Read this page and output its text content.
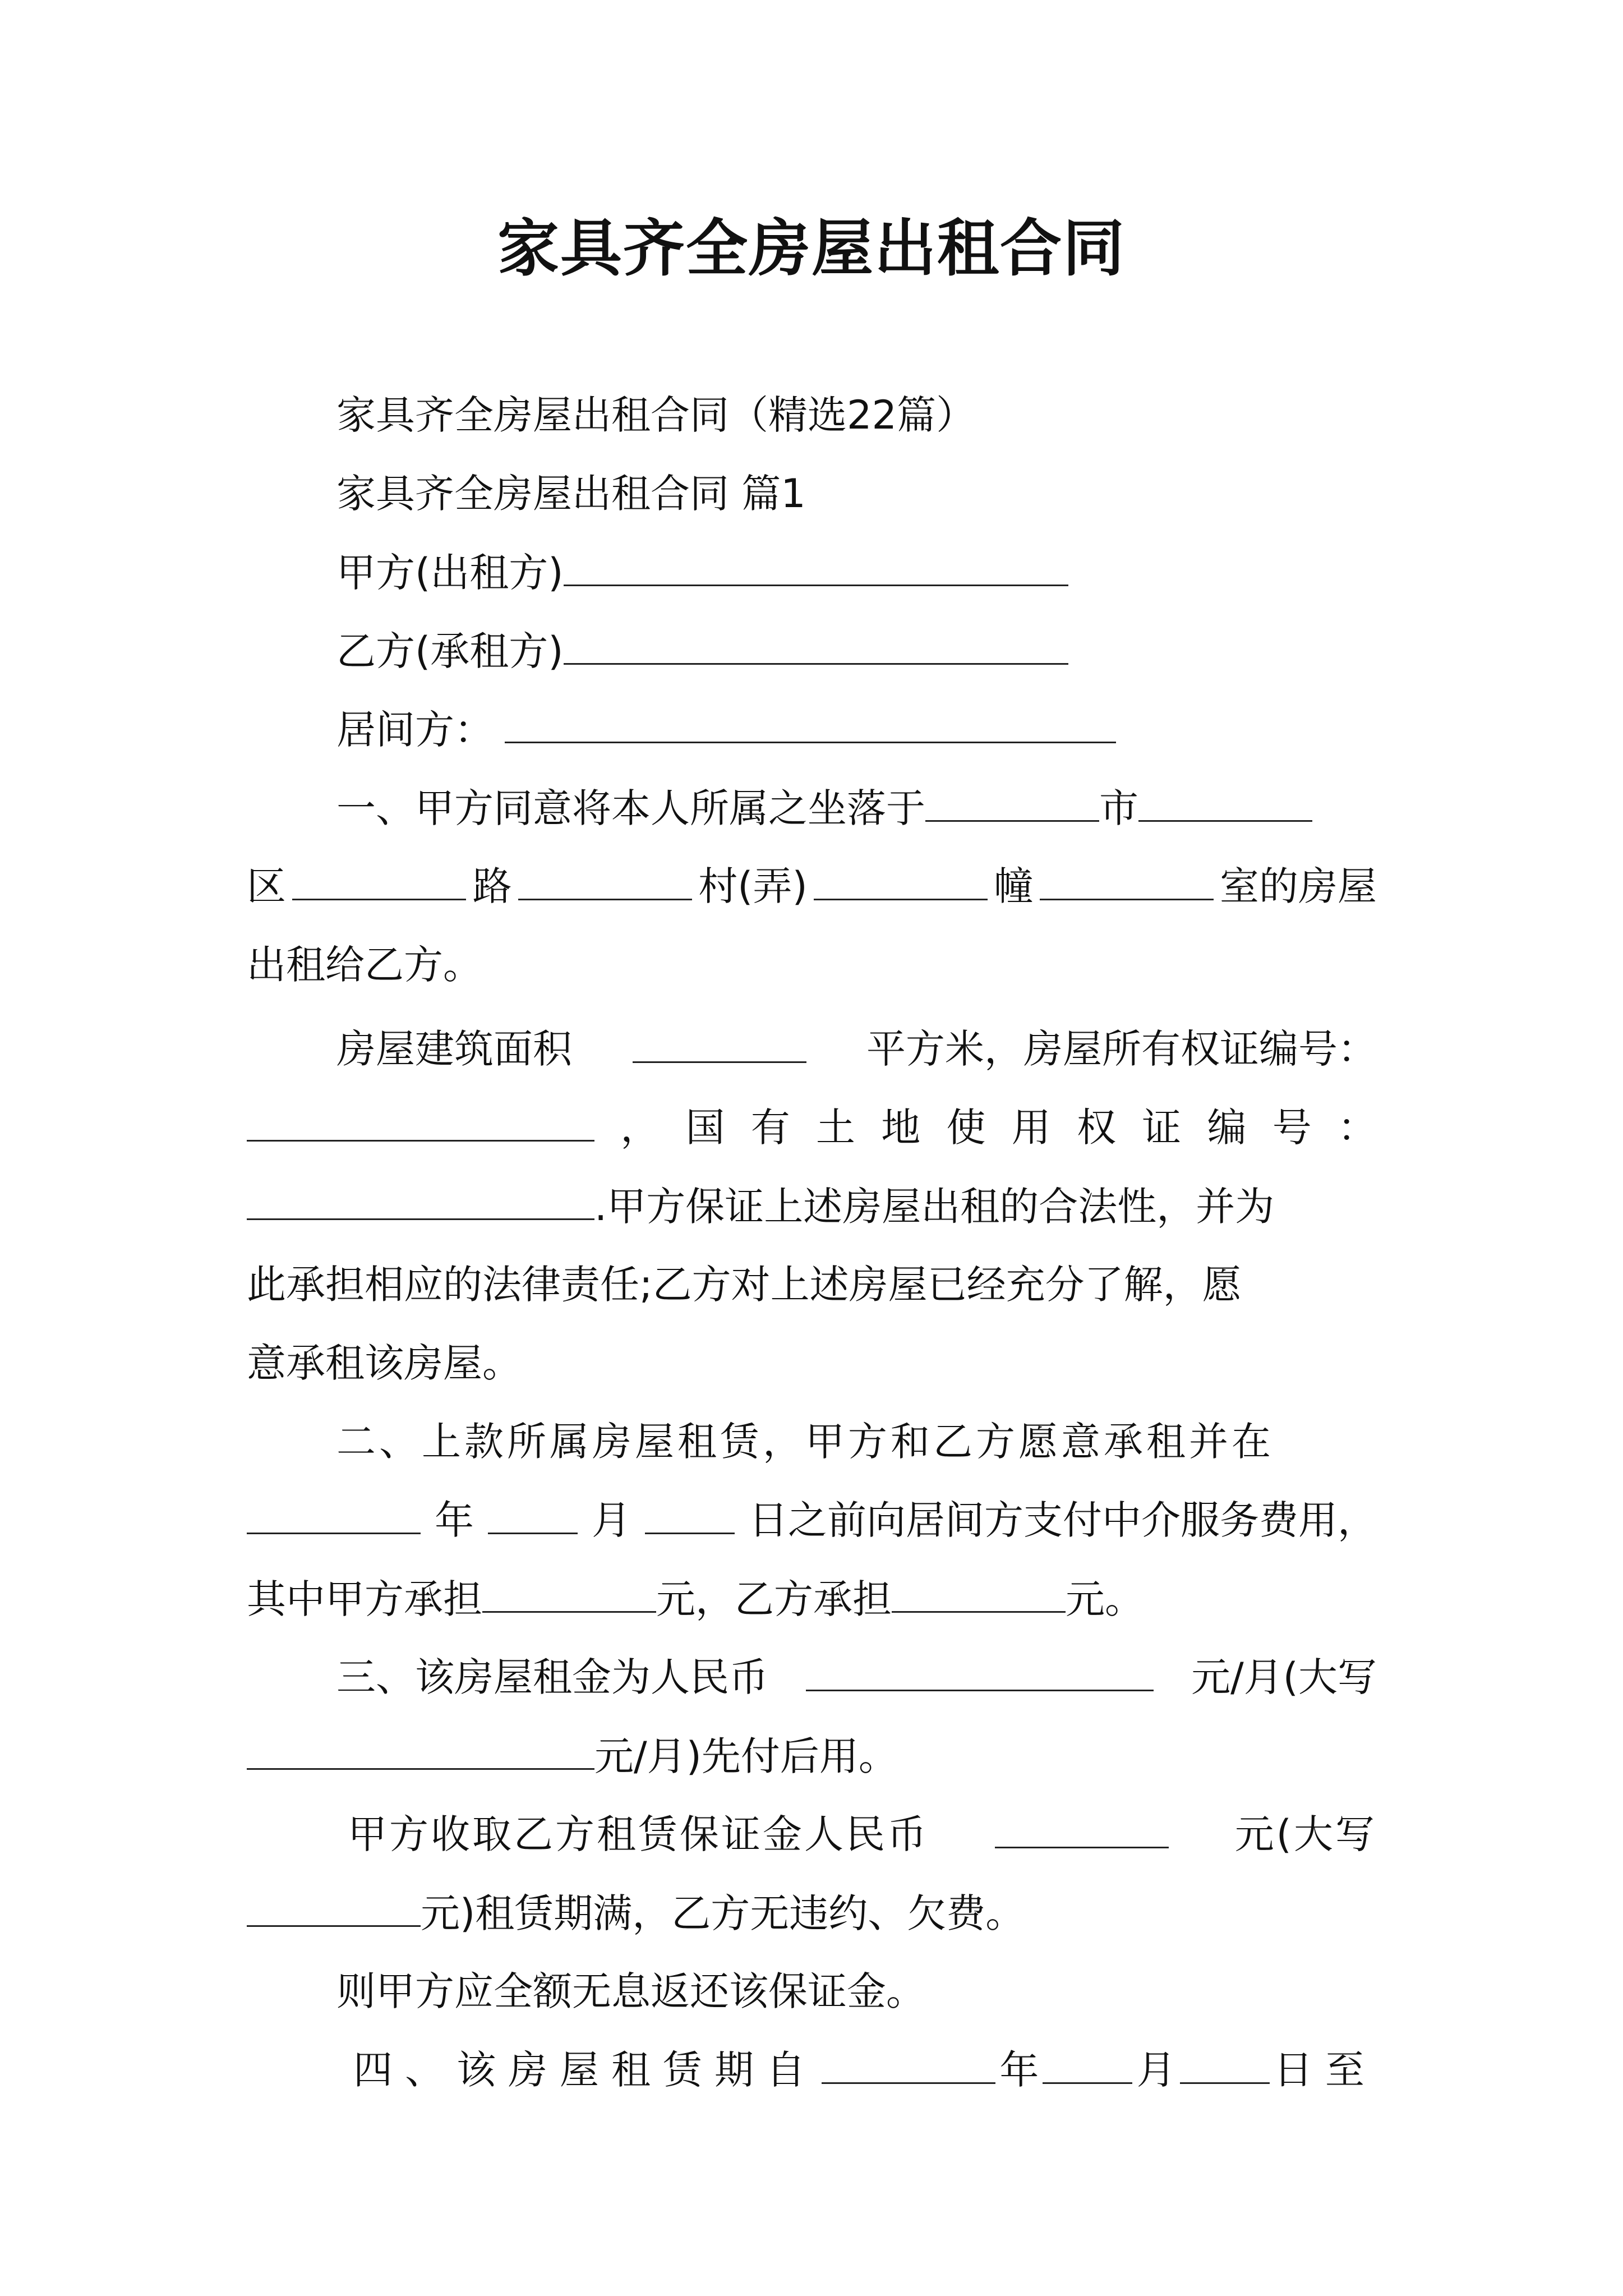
家具齐全房屋出租合同
家具齐全房屋出租合同（精选22篇）
家具齐全房屋出租合同 篇1
甲方(出租方)
乙方(承租方)
居间方：
一、甲方同意将本人所属之坐落于	市
区	路	村(弄)	幢	室的房屋
出租给乙方。
房屋建筑面积	平方米，房屋所有权证编号：
， 国 有 土 地 使 用 权 证 编 号 ：
.甲方保证上述房屋出租的合法性，并为
此承担相应的法律责任;乙方对上述房屋已经充分了解，愿
意承租该房屋。
二、上款所属房屋租赁，甲方和乙方愿意承租并在
年	月	日之前向居间方支付中介服务费用，
其中甲方承担	元，乙方承担	元。
三、该房屋租金为人民币	元/月(大写
元/月)先付后用。
甲方收取乙方租赁保证金人民币	元(大写
元)租赁期满，乙方无违约、欠费。
则甲方应全额无息返还该保证金。
四、该房屋租赁期自	年 月 日至
